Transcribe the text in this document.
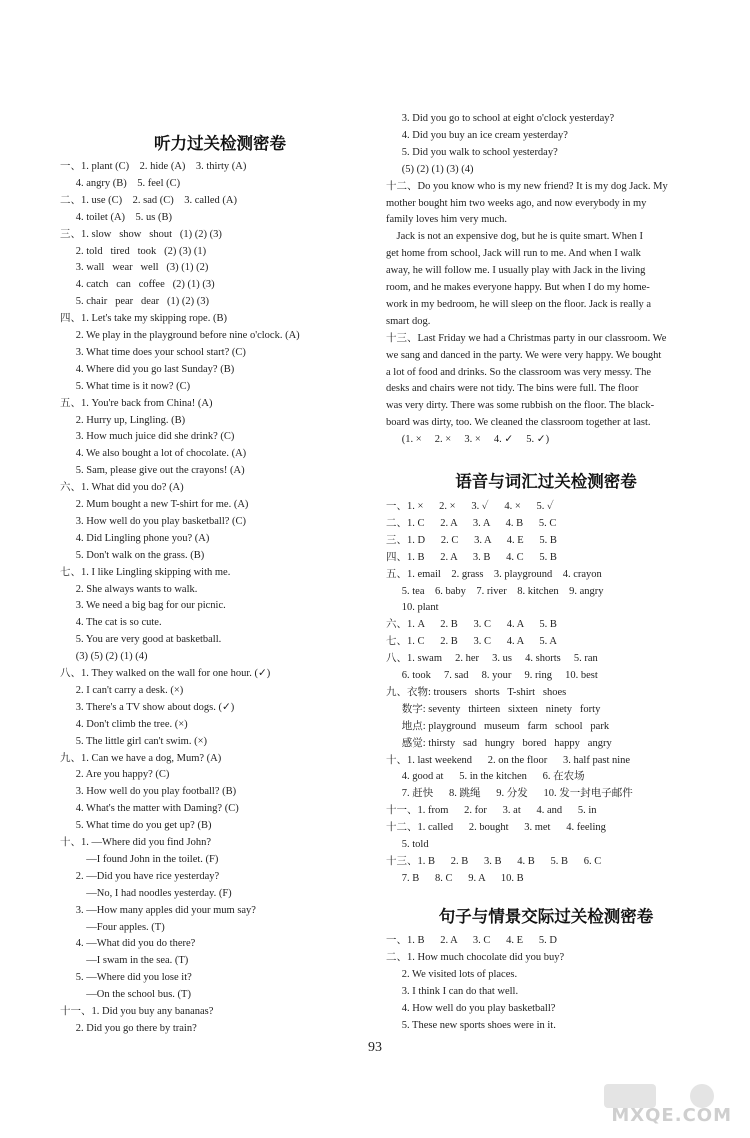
听力过关检测密卷
一、1. plant (C)    2. hide (A)    3. thirty (A)
4. angry (B)    5. feel (C)
二、1. use (C)    2. sad (C)    3. called (A)
4. toilet (A)    5. us (B)
三、1. slow   show   shout   (1) (2) (3)
2. told   tired   took   (2) (3) (1)
3. wall   wear   well   (3) (1) (2)
4. catch   can   coffee   (2) (1) (3)
5. chair   pear   dear   (1) (2) (3)
四、1. Let's take my skipping rope. (B)
2. We play in the playground before nine o'clock. (A)
3. What time does your school start? (C)
4. Where did you go last Sunday? (B)
5. What time is it now? (C)
五、1. You're back from China! (A)
2. Hurry up, Lingling. (B)
3. How much juice did she drink? (C)
4. We also bought a lot of chocolate. (A)
5. Sam, please give out the crayons! (A)
六、1. What did you do? (A)
2. Mum bought a new T-shirt for me. (A)
3. How well do you play basketball? (C)
4. Did Lingling phone you? (A)
5. Don't walk on the grass. (B)
七、1. I like Lingling skipping with me.
2. She always wants to walk.
3. We need a big bag for our picnic.
4. The cat is so cute.
5. You are very good at basketball.
(3) (5) (2) (1) (4)
八、1. They walked on the wall for one hour. (✓)
2. I can't carry a desk. (×)
3. There's a TV show about dogs. (✓)
4. Don't climb the tree. (×)
5. The little girl can't swim. (×)
九、1. Can we have a dog, Mum? (A)
2. Are you happy? (C)
3. How well do you play football? (B)
4. What's the matter with Daming? (C)
5. What time do you get up? (B)
十、1. —Where did you find John?
—I found John in the toilet. (F)
2. —Did you have rice yesterday?
—No, I had noodles yesterday. (F)
3. —How many apples did your mum say?
—Four apples. (T)
4. —What did you do there?
—I swam in the sea. (T)
5. —Where did you lose it?
—On the school bus. (T)
十一、1. Did you buy any bananas?
2. Did you go there by train?
3. Did you go to school at eight o'clock yesterday?
4. Did you buy an ice cream yesterday?
5. Did you walk to school yesterday?
(5) (2) (1) (3) (4)
十二、Do you know who is my new friend? It is my dog Jack. My
mother bought him two weeks ago, and now everybody in my
family loves him very much.
Jack is not an expensive dog, but he is quite smart. When I
get home from school, Jack will run to me. And when I walk
away, he will follow me. I usually play with Jack in the living
room, and he makes everyone happy. But when I do my home-
work in my bedroom, he will sleep on the floor. Jack is really a
smart dog.
十三、Last Friday we had a Christmas party in our classroom. We
we sang and danced in the party. We were very happy. We bought
a lot of food and drinks. So the classroom was very messy. The
desks and chairs were not tidy. The bins were full. The floor
was very dirty. There was some rubbish on the floor. The black-
board was dirty, too. We cleaned the classroom together at last.
(1. ×     2. ×     3. ×     4. ✓     5. ✓)
语音与词汇过关检测密卷
一、1. ×      2. ×      3. ✓      4. ×      5. ✓
二、1. C      2. A      3. A      4. B      5. C
三、1. D      2. C      3. A      4. E      5. B
四、1. B      2. A      3. B      4. C      5. B
五、1. email    2. grass    3. playground    4. crayon
5. tea    6. baby    7. river    8. kitchen    9. angry
10. plant
六、1. A      2. B      3. C      4. A      5. B
七、1. C      2. B      3. C      4. A      5. A
八、1. swam     2. her     3. us     4. shorts     5. ran
6. took     7. sad     8. your     9. ring     10. best
九、衣物: trousers   shorts   T-shirt   shoes
数字: seventy   thirteen   sixteen   ninety   forty
地点: playground   museum   farm   school   park
感觉: thirsty   sad   hungry   bored   happy   angry
十、1. last weekend      2. on the floor      3. half past nine
4. good at      5. in the kitchen      6. 在农场
7. 赶快      8. 跳绳      9. 分发      10. 发一封电子邮件
十一、1. from      2. for      3. at      4. and      5. in
十二、1. called      2. bought      3. met      4. feeling
5. told
十三、1. B      2. B      3. B      4. B      5. B      6. C
7. B      8. C      9. A      10. B
句子与情景交际过关检测密卷
一、1. B      2. A      3. C      4. E      5. D
二、1. How much chocolate did you buy?
2. We visited lots of places.
3. I think I can do that well.
4. How well do you play basketball?
5. These new sports shoes were in it.
93
MXQE.COM
